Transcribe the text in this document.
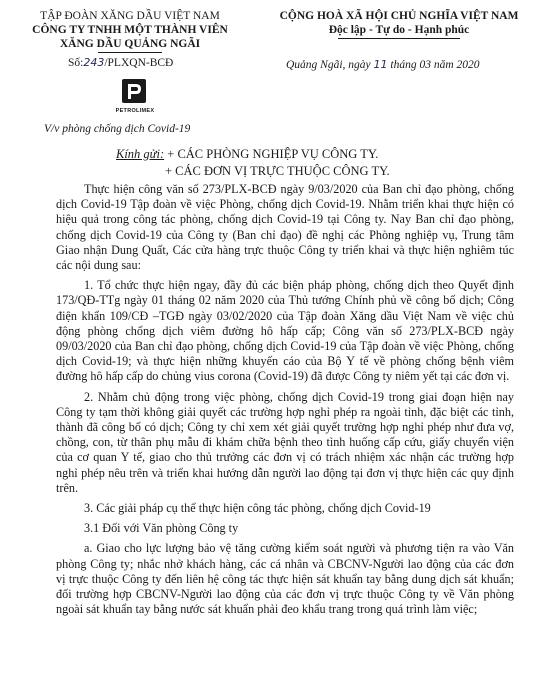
TẬP ĐOÀN XĂNG DẦU VIỆT NAM
CÔNG TY TNHH MỘT THÀNH VIÊN
XĂNG DẦU QUẢNG NGÃI
Số:243/PLXQN-BCĐ
PETROLIMEX
V/v phòng chống dịch Covid-19
CỘNG HOÀ XÃ HỘI CHỦ NGHĨA VIỆT NAM
Độc lập - Tự do - Hạnh phúc
Quảng Ngãi, ngày 11 tháng 03 năm 2020
Kính gửi: + CÁC PHÒNG NGHIỆP VỤ CÔNG TY.
+ CÁC ĐƠN VỊ TRỰC THUỘC CÔNG TY.

Thực hiện công văn số 273/PLX-BCĐ ngày 9/03/2020 của Ban chỉ đạo phòng, chống dịch Covid-19 Tập đoàn về việc Phòng, chống dịch Covid-19. Nhằm triển khai thực hiện có hiệu quả trong công tác phòng, chống dịch Covid-19 tại Công ty. Nay Ban chỉ đạo phòng, chống dịch Covid-19 của Công ty (Ban chỉ đạo) đề nghị các Phòng nghiệp vụ, Trung tâm Giao nhận Dung Quất, Các cửa hàng trực thuộc Công ty triển khai và thực hiện nghiêm túc các nội dung sau:

1. Tổ chức thực hiện ngay, đầy đủ các biện pháp phòng, chống dịch theo Quyết định 173/QĐ-TTg ngày 01 tháng 02 năm 2020 của Thủ tướng Chính phủ về công bố dịch; Công điện khẩn 109/CĐ –TGĐ ngày 03/02/2020 của Tập đoàn Xăng dầu Việt Nam về việc chủ động phòng chống dịch viêm đường hô hấp cấp; Công văn số 273/PLX-BCĐ ngày 09/03/2020 của Ban chỉ đạo phòng, chống dịch Covid-19 của Tập đoàn về việc Phòng, chống dịch Covid-19; và thực hiện những khuyến cáo của Bộ Y tế về phòng chống bệnh viêm đường hô hấp cấp do chủng vius corona (Covid-19) đã được Công ty niêm yết tại các đơn vị.

2. Nhằm chủ động trong việc phòng, chống dịch Covid-19 trong giai đoạn hiện nay Công ty tạm thời không giải quyết các trường hợp nghỉ phép ra ngoài tỉnh, đặc biệt các tỉnh, thành đã công bố có dịch; Công ty chỉ xem xét giải quyết trường hợp nghỉ phép như đưa vợ, chồng, con, từ thân phụ mẫu đi khám chữa bệnh theo tình huống cấp cứu, giấy chuyển viện của cơ quan Y tế, giao cho thủ trưởng các đơn vị có trách nhiệm xác nhận các trường hợp nghỉ phép nêu trên và triển khai hướng dẫn người lao động tại đơn vị thực hiện các quy định trên.

3. Các giải pháp cụ thể thực hiện công tác phòng, chống dịch Covid-19

3.1 Đối với Văn phòng Công ty

a. Giao cho lực lượng bảo vệ tăng cường kiểm soát người và phương tiện ra vào Văn phòng Công ty; nhắc nhở khách hàng, các cá nhân và CBCNV-Người lao động của các đơn vị trực thuộc Công ty đến liên hệ công tác thực hiện sát khuẩn tay bằng dung dịch sát khuẩn; đối trường hợp CBCNV-Người lao động của các đơn vị trực thuộc Công ty về Văn phòng ngoài sát khuẩn tay bằng nước sát khuẩn phải đeo khẩu trang trong quá trình làm việc;
